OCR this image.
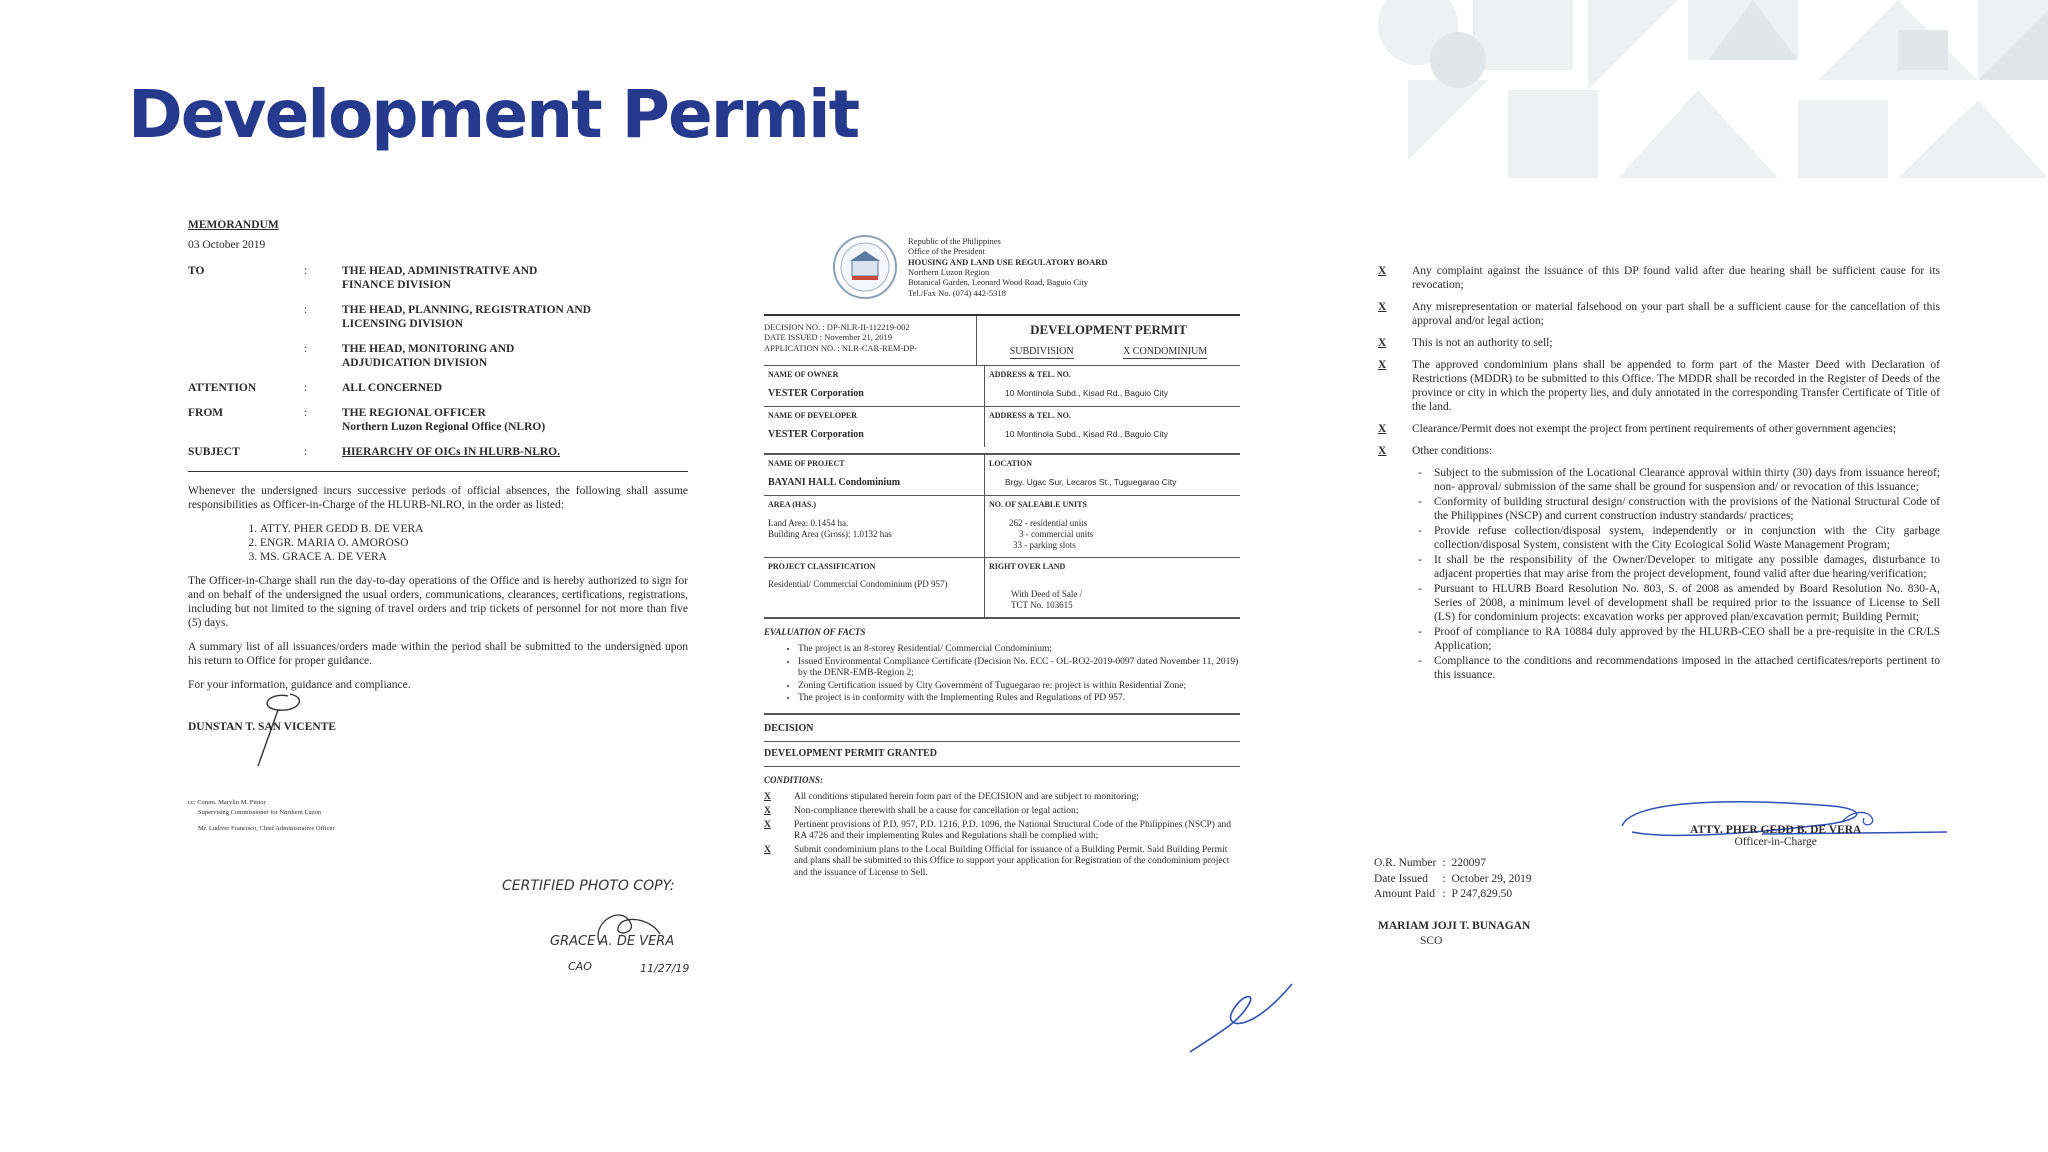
Development Permit
MEMORANDUM
03 October 2019
TO	:	THE HEAD, ADMINISTRATIVE AND FINANCE DIVISION
:	THE HEAD, PLANNING, REGISTRATION AND LICENSING DIVISION
:	THE HEAD, MONITORING AND ADJUDICATION DIVISION
ATTENTION	:	ALL CONCERNED
FROM	:	THE REGIONAL OFFICER
Northern Luzon Regional Office (NLRO)
SUBJECT	:	HIERARCHY OF OICs IN HLURB-NLRO.

Whenever the undersigned incurs successive periods of official absences, the following shall assume responsibilities as Officer-in-Charge of the HLURB-NLRO, in the order as listed:

1. ATTY. PHER GEDD B. DE VERA
2. ENGR. MARIA O. AMOROSO
3. MS. GRACE A. DE VERA

The Officer-in-Charge shall run the day-to-day operations of the Office and is hereby authorized to sign for and on behalf of the undersigned the usual orders, communications, clearances, certifications, registrations, including but not limited to the signing of travel orders and trip tickets of personnel for not more than five (5) days.

A summary list of all issuances/orders made within the period shall be submitted to the undersigned upon his return to Office for proper guidance.

For your information, guidance and compliance.

DUNSTAN T. SAN VICENTE
cc: Comm. Marylin M. Pintor
Supervising Commissioner for Northern Luzon
Mr. Ludiver Francisco, Chief Administrative Officer
CERTIFIED PHOTO COPY:
GRACE A. DE VERA
CAO	11/27/19
Republic of the Philippines
Office of the President
HOUSING AND LAND USE REGULATORY BOARD
Northern Luzon Region
Botanical Garden, Leonard Wood Road, Baguio City
Tel./Fax No. (074) 442-5318
DECISION NO. : DP-NLR-II-112219-002
DATE ISSUED : November 21, 2019
APPLICATION NO. : NLR-CAR-REM-DP-
DEVELOPMENT PERMIT
SUBDIVISION	X CONDOMINIUM
NAME OF OWNER
VESTER Corporation
ADDRESS & TEL. NO.
10 Montinola Subd., Kisad Rd., Baguio City
NAME OF DEVELOPER
VESTER Corporation
ADDRESS & TEL. NO.
10 Montinola Subd., Kisad Rd., Baguio City
NAME OF PROJECT
BAYANI HALL Condominium
LOCATION
Brgy. Ugac Sur, Lecaros St., Tuguegarao City
AREA (HAS.)
Land Area: 0.1454 ha.
Building Area (Gross): 1.0132 has
NO. OF SALEABLE UNITS
262 - residential units
3 - commercial units
33 - parking slots
PROJECT CLASSIFICATION
Residential/ Commercial Condominium (PD 957)
RIGHT OVER LAND
With Deed of Sale /
TCT No. 103615
EVALUATION OF FACTS
• The project is an 8-storey Residential/ Commercial Condominium;
• Issued Environmental Compliance Certificate (Decision No. ECC - OL-RO2-2019-0097 dated November 11, 2019) by the DENR-EMB-Region 2;
• Zoning Certification issued by City Government of Tuguegarao re: project is within Residential Zone;
• The project is in conformity with the Implementing Rules and Regulations of PD 957.
DECISION
DEVELOPMENT PERMIT GRANTED
CONDITIONS:
X	All conditions stipulated herein form part of the DECISION and are subject to monitoring;
X	Non-compliance therewith shall be a cause for cancellation or legal action;
X	Pertinent provisions of P.D. 957, P.D. 1216, P.D. 1096, the National Structural Code of the Philippines (NSCP) and RA 4726 and their implementing Rules and Regulations shall be complied with;
X	Submit condominium plans to the Local Building Official for issuance of a Building Permit. Said Building Permit and plans shall be submitted to this Office to support your application for Registration of the condominium project and the issuance of License to Sell.
X	Any complaint against the issuance of this DP found valid after due hearing shall be sufficient cause for its revocation;
X	Any misrepresentation or material falsehood on your part shall be a sufficient cause for the cancellation of this approval and/or legal action;
X	This is not an authority to sell;
X	The approved condominium plans shall be appended to form part of the Master Deed with Declaration of Restrictions (MDDR) to be submitted to this Office. The MDDR shall be recorded in the Register of Deeds of the province or city in which the property lies, and duly annotated in the corresponding Transfer Certificate of Title of the land.
X	Clearance/Permit does not exempt the project from pertinent requirements of other government agencies;
X	Other conditions:
- Subject to the submission of the Locational Clearance approval within thirty (30) days from issuance hereof; non- approval/ submission of the same shall be ground for suspension and/ or revocation of this issuance;
- Conformity of building structural design/ construction with the provisions of the National Structural Code of the Philippines (NSCP) and current construction industry standards/ practices;
- Provide refuse collection/disposal system, independently or in conjunction with the City garbage collection/disposal System, consistent with the City Ecological Solid Waste Management Program;
- It shall be the responsibility of the Owner/Developer to mitigate any possible damages, disturbance to adjacent properties that may arise from the project development, found valid after due hearing/verification;
- Pursuant to HLURB Board Resolution No. 803, S. of 2008 as amended by Board Resolution No. 830-A, Series of 2008, a minimum level of development shall be required prior to the issuance of License to Sell (LS) for condominium projects: excavation works per approved plan/excavation permit; Building Permit;
- Proof of compliance to RA 10884 duly approved by the HLURB-CEO shall be a pre-requisite in the CR/LS Application;
- Compliance to the conditions and recommendations imposed in the attached certificates/reports pertinent to this issuance.
ATTY. PHER GEDD B. DE VERA
Officer-in-Charge
O.R. Number	:	220097
Date Issued	:	October 29, 2019
Amount Paid	:	P 247,829.50
MARIAM JOJI T. BUNAGAN
SCO
